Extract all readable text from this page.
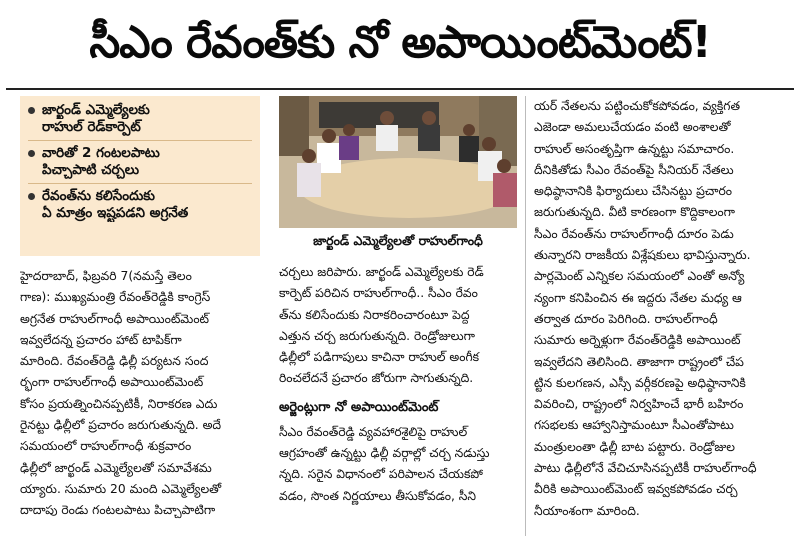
సీఎం రేవంత్‌కు నో అపాయింట్‌మెంట్!
జార్ఖండ్ ఎమ్మెల్యేలకు
రాహుల్ రెడ్‌కార్పెట్
వారితో 2 గంటలపాటు
పిచ్చాపాటి చర్చలు
రేవంత్‌ను కలిసేందుకు
ఏ మాత్రం ఇష్టపడని అగ్రనేత
జార్ఖండ్ ఎమ్మెల్యేలతో రాహుల్‌గాంధీ
హైదరాబాద్, ఫిబ్రవరి 7(నమస్తే తెలం
గాణ): ముఖ్యమంత్రి రేవంత్‌రెడ్డికి కాంగ్రెస్
అగ్రనేత రాహుల్‌గాంధీ అపాయింట్‌మెంట్
ఇవ్వలేదన్న ప్రచారం హాట్ టాపిక్‌గా
మారింది. రేవంత్‌రెడ్డి ఢిల్లీ పర్యటన సంద
ర్భంగా రాహుల్‌గాంధీ అపాయింట్‌మెంట్
కోసం ప్రయత్నించినప్పటికీ, నిరాకరణ ఎదు
రైనట్టు ఢిల్లీలో ప్రచారం జరుగుతున్నది. అదే
సమయంలో రాహుల్‌గాంధీ శుక్రవారం
ఢిల్లీలో జార్ఖండ్ ఎమ్మెల్యేలతో సమావేశమ
య్యారు. సుమారు 20 మంది ఎమ్మెల్యేలతో
దాదాపు రెండు గంటలపాటు పిచ్చాపాటిగా
చర్చలు జరిపారు. జార్ఖండ్ ఎమ్మెల్యేలకు రెడ్
కార్పెట్ పరిచిన రాహుల్‌గాంధీ.. సీఎం రేవం
త్‌ను కలిసేందుకు నిరాకరించారంటూ పెద్ద
ఎత్తున చర్చ జరుగుతున్నది. రెండ్రోజులుగా
ఢిల్లీలో పడిగాపులు కాచినా రాహుల్ అంగీక
రించలేదనే ప్రచారం జోరుగా సాగుతున్నది.
అర్జెంట్లుగా నో అపాయింట్‌మెంట్
సీఎం రేవంత్‌రెడ్డి వ్యవహారశైలిపై రాహుల్
ఆగ్రహంతో ఉన్నట్టు ఢిల్లీ వర్గాల్లో చర్చ నడుస్తు
న్నది. సరైన విధానంలో పరిపాలన చేయకపో
వడం, సొంత నిర్ణయాలు తీసుకోవడం, సీని
యర్ నేతలను పట్టించుకోకపోవడం, వ్యక్తిగత
ఎజెండా అమలుచేయడం వంటి అంశాలతో
రాహుల్ అసంతృప్తిగా ఉన్నట్టు సమాచారం.
దీనికితోడు సీఎం రేవంత్‌పై సీనియర్ నేతలు
అధిష్ఠానానికి ఫిర్యాదులు చేసినట్టు ప్రచారం
జరుగుతున్నది. వీటి కారణంగా కొద్దికాలంగా
సీఎం రేవంత్‌ను రాహుల్‌గాంధీ దూరం పెడు
తున్నారని రాజకీయ విశ్లేషకులు భావిస్తున్నారు.
పార్లమెంట్ ఎన్నికల సమయంలో ఎంతో అన్యో
న్యంగా కనిపించిన ఈ ఇద్దరు నేతల మధ్య ఆ
తర్వాత దూరం పెరిగింది. రాహుల్‌గాంధీ
సుమారు అర్నెళ్లుగా రేవంత్‌రెడ్డికి అపాయింట్
ఇవ్వలేదని తెలిసింది. తాజాగా రాష్ట్రంలో చేప
ట్టిన కులగణన, ఎస్సీ వర్గీకరణపై అధిష్ఠానానికి
వివరించి, రాష్ట్రంలో నిర్వహించే భారీ బహిరం
గసభలకు ఆహ్వానిస్తామంటూ సీఎంతోపాటు
మంత్రులంతా ఢిల్లీ బాట పట్టారు. రెండ్రోజుల
పాటు ఢిల్లీలోనే వేచిచూసినప్పటికీ రాహుల్‌గాంధీ
వీరికి అపాయింట్‌మెంట్ ఇవ్వకపోవడం చర్చ
నీయాంశంగా మారింది.
